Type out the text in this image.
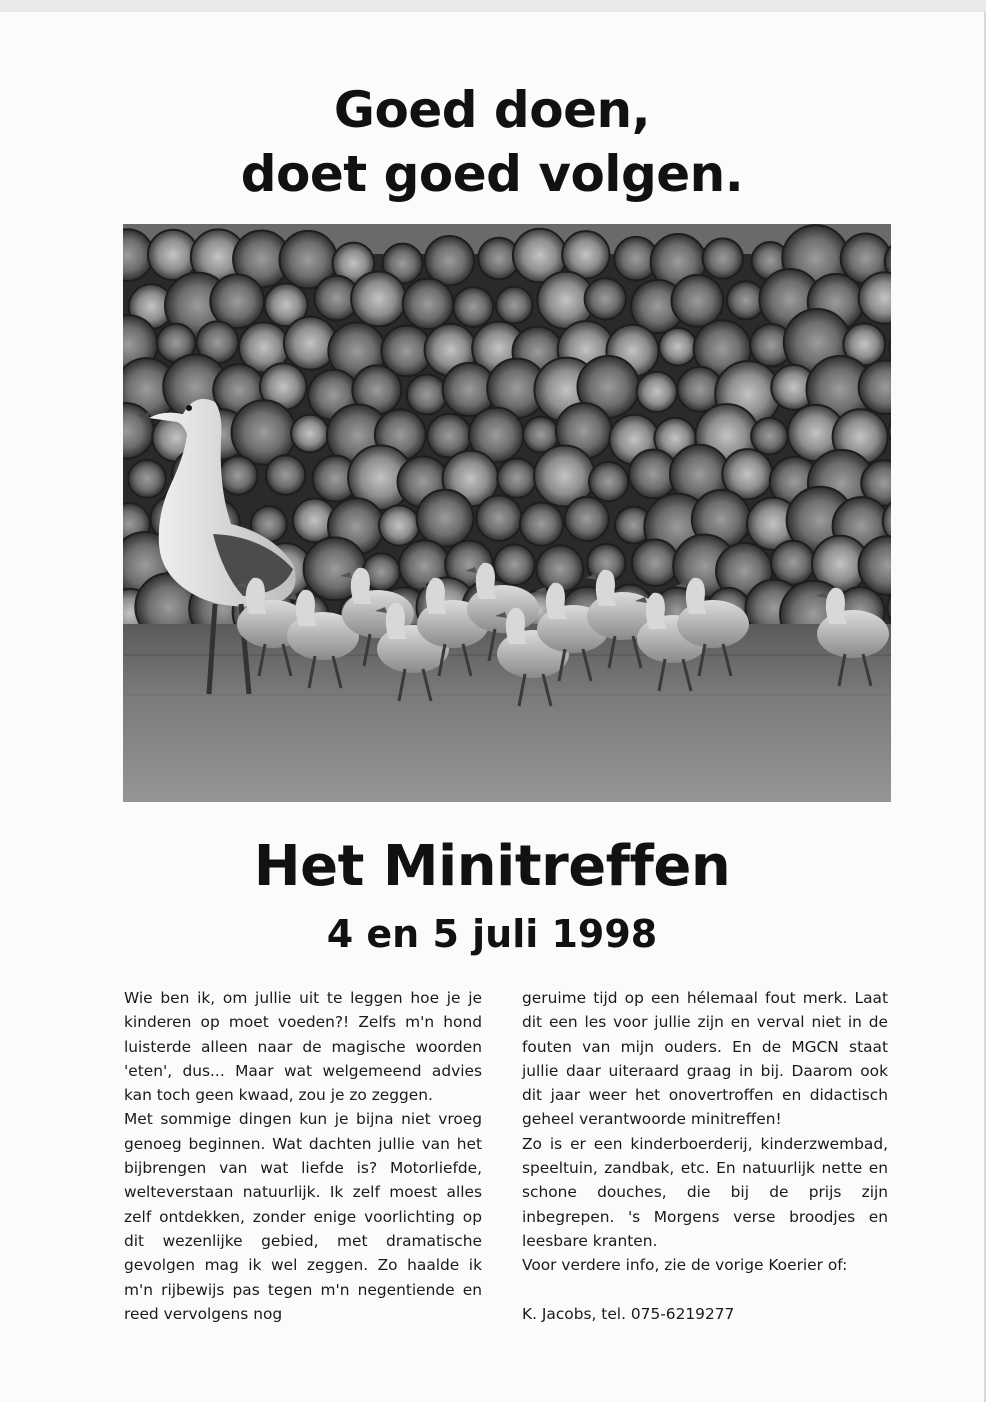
Goed doen,
doet goed volgen.
Het Minitreffen
4 en 5 juli 1998

Wie ben ik, om jullie uit te leggen hoe je je kinderen op moet voeden?! Zelfs m'n hond luisterde alleen naar de magische woorden 'eten', dus... Maar wat welgemeend advies kan toch geen kwaad, zou je zo zeggen.

Met sommige dingen kun je bijna niet vroeg genoeg beginnen. Wat dachten jullie van het bijbrengen van wat liefde is? Motorliefde, welteverstaan natuurlijk. Ik zelf moest alles zelf ontdekken, zonder enige voorlichting op dit wezenlijke gebied, met dramatische gevolgen mag ik wel zeggen. Zo haalde ik m'n rijbewijs pas tegen m'n negentiende en reed vervolgens nog

geruime tijd op een hélemaal fout merk. Laat dit een les voor jullie zijn en verval niet in de fouten van mijn ouders. En de MGCN staat jullie daar uiteraard graag in bij. Daarom ook dit jaar weer het onovertroffen en didactisch geheel verantwoorde minitreffen!

Zo is er een kinderboerderij, kinderzwembad, speeltuin, zandbak, etc. En natuurlijk nette en schone douches, die bij de prijs zijn inbegrepen. 's Morgens verse broodjes en leesbare kranten.

Voor verdere info, zie de vorige Koerier of:

K. Jacobs, tel. 075-6219277
